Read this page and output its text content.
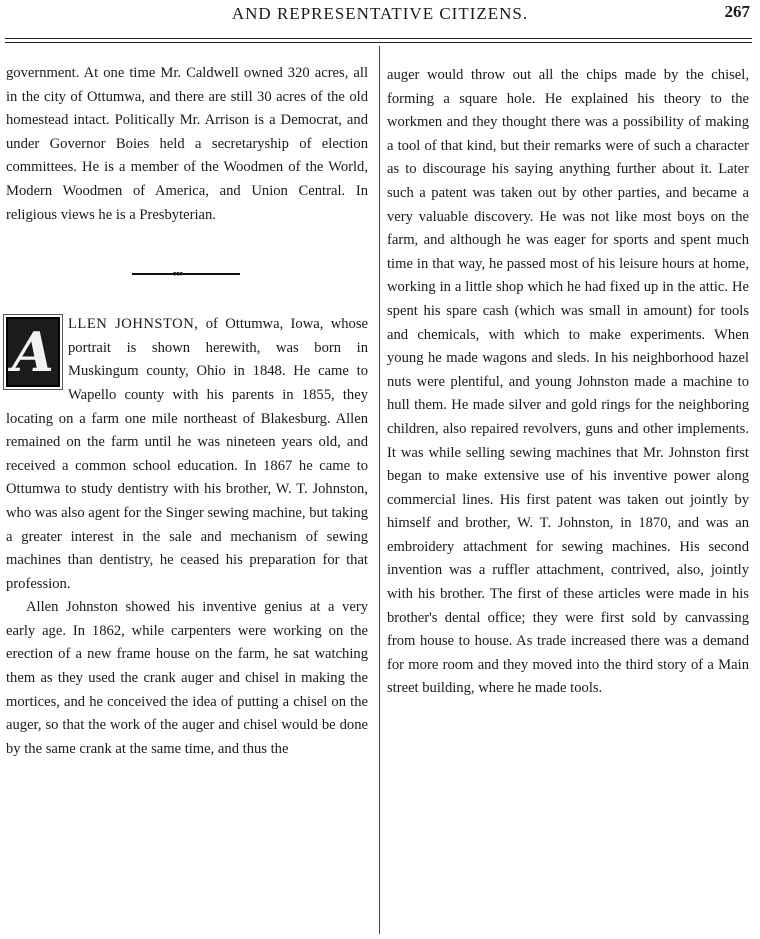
AND REPRESENTATIVE CITIZENS.	267

government. At one time Mr. Caldwell owned 320 acres, all in the city of Ottumwa, and there are still 30 acres of the old homestead intact. Politically Mr. Arrison is a Democrat, and under Governor Boies held a secretaryship of election committees. He is a member of the Woodmen of the World, Modern Woodmen of America, and Union Central. In religious views he is a Presbyterian.

•••

A LLEN JOHNSTON, of Ottumwa, Iowa, whose portrait is shown herewith, was born in Muskingum county, Ohio in 1848. He came to Wapello county with his parents in 1855, they locating on a farm one mile northeast of Blakesburg. Allen remained on the farm until he was nineteen years old, and received a common school education. In 1867 he came to Ottumwa to study dentistry with his brother, W. T. Johnston, who was also agent for the Singer sewing machine, but taking a greater interest in the sale and mechanism of sewing machines than dentistry, he ceased his preparation for that profession.

Allen Johnston showed his inventive genius at a very early age. In 1862, while carpenters were working on the erection of a new frame house on the farm, he sat watching them as they used the crank auger and chisel in making the mortices, and he conceived the idea of putting a chisel on the auger, so that the work of the auger and chisel would be done by the same crank at the same time, and thus the

auger would throw out all the chips made by the chisel, forming a square hole. He explained his theory to the workmen and they thought there was a possibility of making a tool of that kind, but their remarks were of such a character as to discourage his saying anything further about it. Later such a patent was taken out by other parties, and became a very valuable discovery. He was not like most boys on the farm, and although he was eager for sports and spent much time in that way, he passed most of his leisure hours at home, working in a little shop which he had fixed up in the attic. He spent his spare cash (which was small in amount) for tools and chemicals, with which to make experiments. When young he made wagons and sleds. In his neighborhood hazel nuts were plentiful, and young Johnston made a machine to hull them. He made silver and gold rings for the neighboring children, also repaired revolvers, guns and other implements. It was while selling sewing machines that Mr. Johnston first began to make extensive use of his inventive power along commercial lines. His first patent was taken out jointly by himself and brother, W. T. Johnston, in 1870, and was an embroidery attachment for sewing machines. His second invention was a ruffler attachment, contrived, also, jointly with his brother. The first of these articles were made in his brother's dental office; they were first sold by canvassing from house to house. As trade increased there was a demand for more room and they moved into the third story of a Main street building, where he made tools.
